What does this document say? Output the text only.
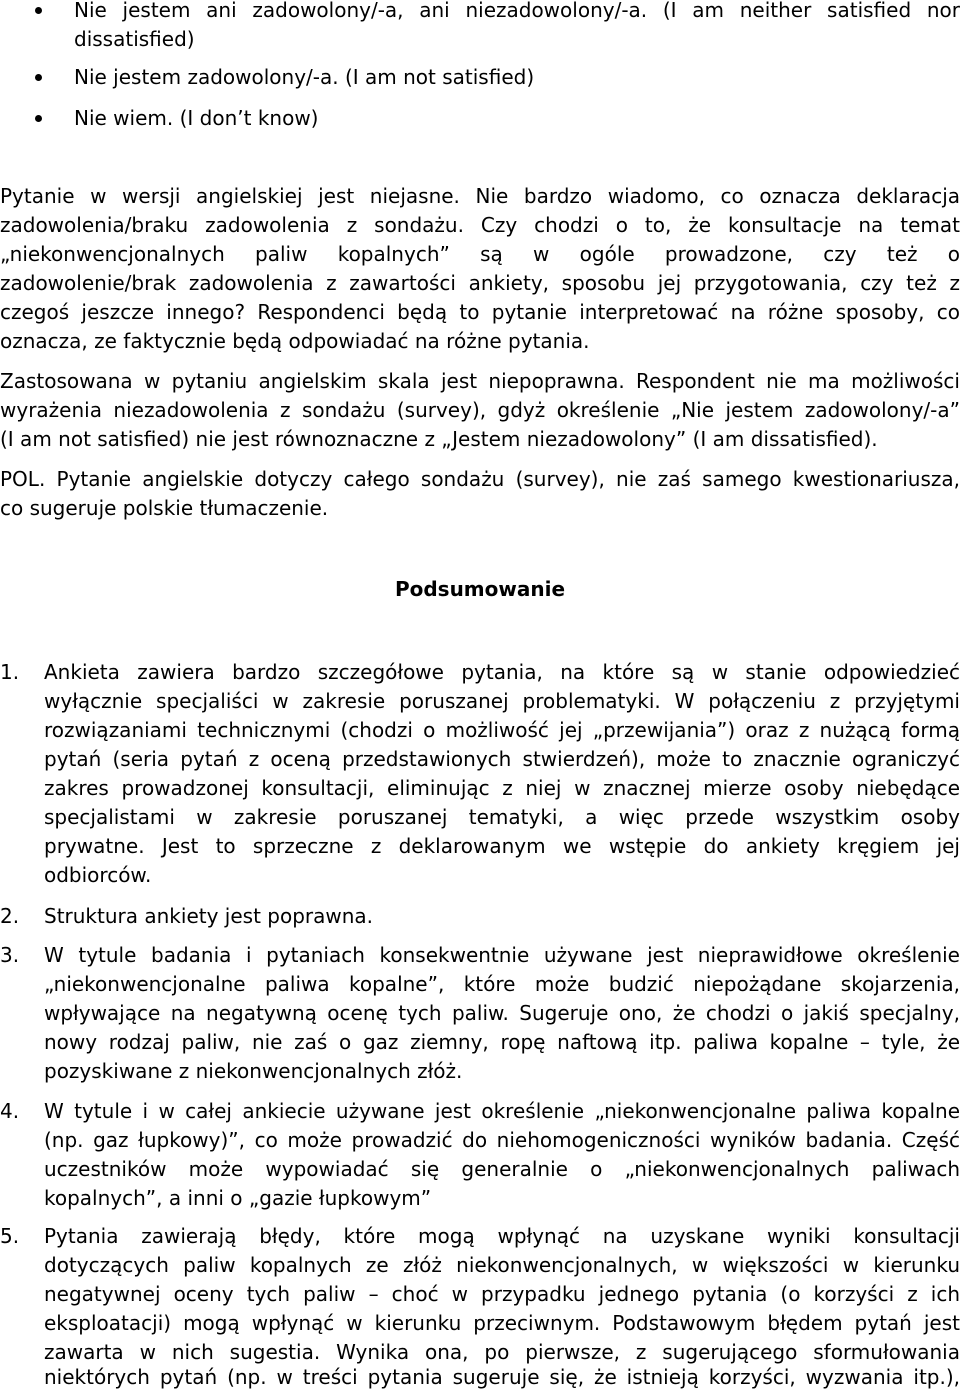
Nie jestem ani zadowolony/-a, ani niezadowolony/-a. (I am neither satisfied nor
dissatisfied)
Nie jestem zadowolony/-a. (I am not satisfied)
Nie wiem. (I don’t know)
Pytanie w wersji angielskiej jest niejasne. Nie bardzo wiadomo, co oznacza deklaracja
zadowolenia/braku zadowolenia z sondażu. Czy chodzi o to, że konsultacje na temat
„niekonwencjonalnych paliw kopalnych” są w ogóle prowadzone, czy też o
zadowolenie/brak zadowolenia z zawartości ankiety, sposobu jej przygotowania, czy też z
czegoś jeszcze innego? Respondenci będą to pytanie interpretować na różne sposoby, co
oznacza, ze faktycznie będą odpowiadać na różne pytania.
Zastosowana w pytaniu angielskim skala jest niepoprawna. Respondent nie ma możliwości
wyrażenia niezadowolenia z sondażu (survey), gdyż określenie „Nie jestem zadowolony/-a”
(I am not satisfied) nie jest równoznaczne z „Jestem niezadowolony” (I am dissatisfied).
POL. Pytanie angielskie dotyczy całego sondażu (survey), nie zaś samego kwestionariusza,
co sugeruje polskie tłumaczenie.
Podsumowanie
1. Ankieta zawiera bardzo szczegółowe pytania, na które są w stanie odpowiedzieć
wyłącznie specjaliści w zakresie poruszanej problematyki. W połączeniu z przyjętymi
rozwiązaniami technicznymi (chodzi o możliwość jej „przewijania”) oraz z nużącą formą
pytań (seria pytań z oceną przedstawionych stwierdzeń), może to znacznie ograniczyć
zakres prowadzonej konsultacji, eliminując z niej w znacznej mierze osoby niebędące
specjalistami w zakresie poruszanej tematyki, a więc przede wszystkim osoby
prywatne. Jest to sprzeczne z deklarowanym we wstępie do ankiety kręgiem jej
odbiorców.
2. Struktura ankiety jest poprawna.
3. W tytule badania i pytaniach konsekwentnie używane jest nieprawidłowe określenie
„niekonwencjonalne paliwa kopalne”, które może budzić niepożądane skojarzenia,
wpływające na negatywną ocenę tych paliw. Sugeruje ono, że chodzi o jakiś specjalny,
nowy rodzaj paliw, nie zaś o gaz ziemny, ropę naftową itp. paliwa kopalne – tyle, że
pozyskiwane z niekonwencjonalnych złóż.
4. W tytule i w całej ankiecie używane jest określenie „niekonwencjonalne paliwa kopalne
(np. gaz łupkowy)”, co może prowadzić do niehomogeniczności wyników badania. Część
uczestników może wypowiadać się generalnie o „niekonwencjonalnych paliwach
kopalnych”, a inni o „gazie łupkowym”
5. Pytania zawierają błędy, które mogą wpłynąć na uzyskane wyniki konsultacji
dotyczących paliw kopalnych ze złóż niekonwencjonalnych, w większości w kierunku
negatywnej oceny tych paliw – choć w przypadku jednego pytania (o korzyści z ich
eksploatacji) mogą wpłynąć w kierunku przeciwnym. Podstawowym błędem pytań jest
zawarta w nich sugestia. Wynika ona, po pierwsze, z sugerującego sformułowania
niektórych pytań (np. w treści pytania sugeruje się, że istnieją korzyści, wyzwania itp.),
